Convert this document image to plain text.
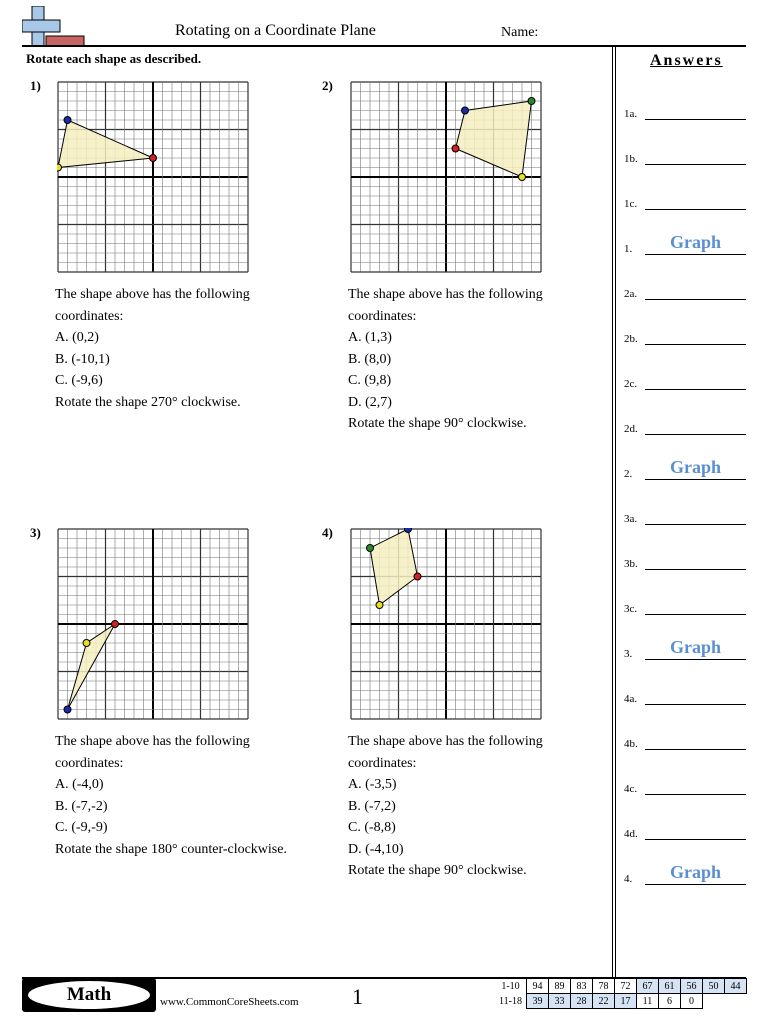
Rotating on a Coordinate Plane	Name:
Rotate each shape as described.	Answers
1a.
1b.
1c.
1.	Graph
2a.
2b.
2c.
2d.
2.	Graph
3a.
3b.
3c.
3.	Graph
4a.
4b.
4c.
4d.
4.	Graph
1)
The shape above has the following
coordinates:
A. (0,2)
B. (-10,1)
C. (-9,6)
Rotate the shape 270° clockwise.
2)
The shape above has the following
coordinates:
A. (1,3)
B. (8,0)
C. (9,8)
D. (2,7)
Rotate the shape 90° clockwise.
3)
The shape above has the following
coordinates:
A. (-4,0)
B. (-7,-2)
C. (-9,-9)
Rotate the shape 180° counter-clockwise.
4)
The shape above has the following
coordinates:
A. (-3,5)
B. (-7,2)
C. (-8,8)
D. (-4,10)
Rotate the shape 90° clockwise.
Math	www.CommonCoreSheets.com 1	1-10	94	89	83	78	72	67	61	56	50	44
11-18	39	33	28	22	17	11	6	0		
